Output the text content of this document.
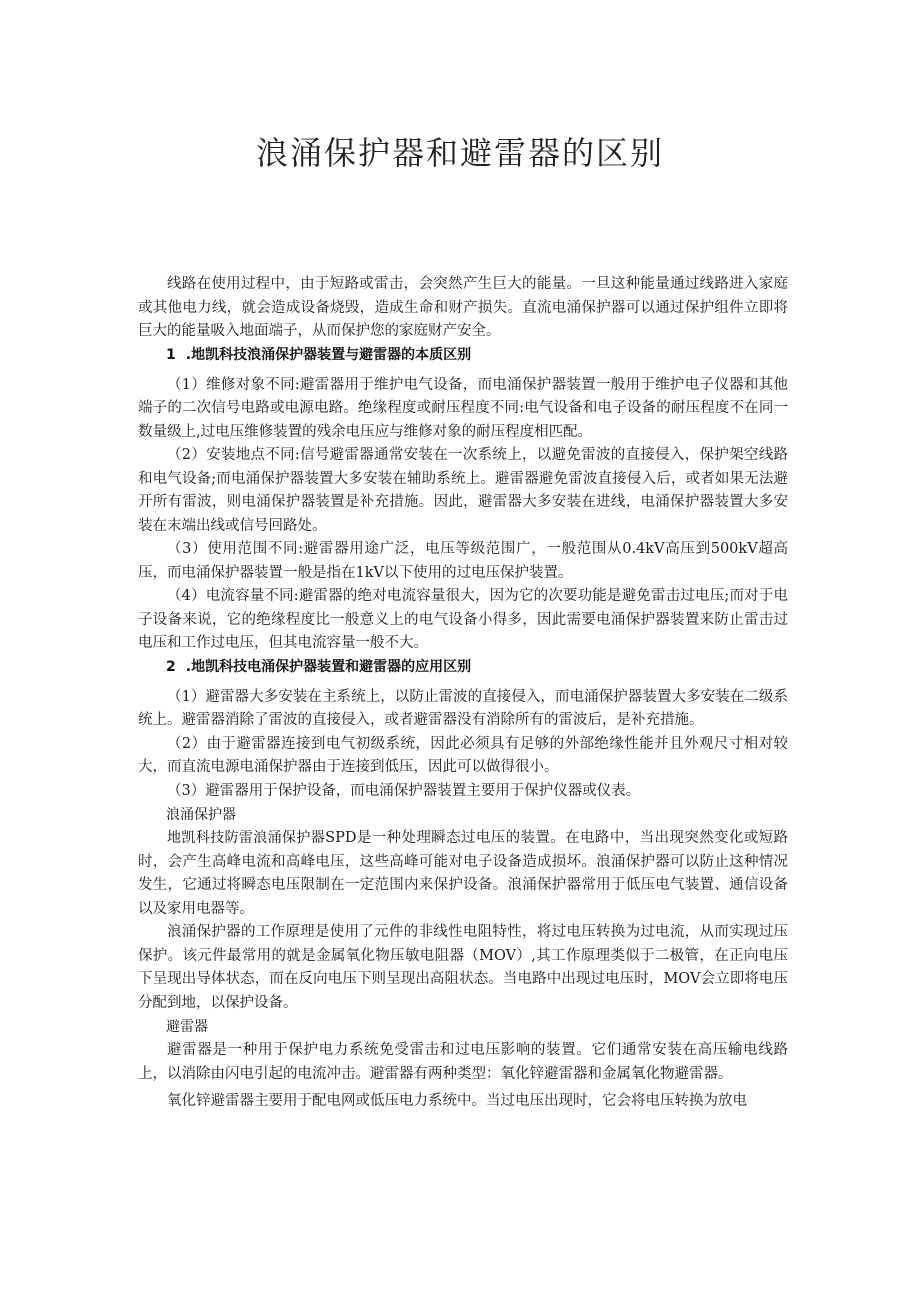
浪涌保护器和避雷器的区别

线路在使用过程中，由于短路或雷击，会突然产生巨大的能量。一旦这种能量通过线路进入家庭或其他电力线，就会造成设备烧毁，造成生命和财产损失。直流电涌保护器可以通过保护组件立即将巨大的能量吸入地面端子，从而保护您的家庭财产安全。

1 .地凯科技浪涌保护器装置与避雷器的本质区别

（1）维修对象不同:避雷器用于维护电气设备，而电涌保护器装置一般用于维护电子仪器和其他端子的二次信号电路或电源电路。绝缘程度或耐压程度不同:电气设备和电子设备的耐压程度不在同一数量级上,过电压维修装置的残余电压应与维修对象的耐压程度相匹配。

（2）安装地点不同:信号避雷器通常安装在一次系统上，以避免雷波的直接侵入，保护架空线路和电气设备;而电涌保护器装置大多安装在辅助系统上。避雷器避免雷波直接侵入后，或者如果无法避开所有雷波，则电涌保护器装置是补充措施。因此，避雷器大多安装在进线，电涌保护器装置大多安装在末端出线或信号回路处。

（3）使用范围不同:避雷器用途广泛，电压等级范围广，一般范围从0.4kV高压到500kV超高压，而电涌保护器装置一般是指在1kV以下使用的过电压保护装置。

（4）电流容量不同:避雷器的绝对电流容量很大，因为它的次要功能是避免雷击过电压;而对于电子设备来说，它的绝缘程度比一般意义上的电气设备小得多，因此需要电涌保护器装置来防止雷击过电压和工作过电压，但其电流容量一般不大。

2 .地凯科技电涌保护器装置和避雷器的应用区别

（1）避雷器大多安装在主系统上，以防止雷波的直接侵入，而电涌保护器装置大多安装在二级系统上。避雷器消除了雷波的直接侵入，或者避雷器没有消除所有的雷波后，是补充措施。

（2）由于避雷器连接到电气初级系统，因此必须具有足够的外部绝缘性能并且外观尺寸相对较大，而直流电源电涌保护器由于连接到低压，因此可以做得很小。

（3）避雷器用于保护设备，而电涌保护器装置主要用于保护仪器或仪表。

浪涌保护器

地凯科技防雷浪涌保护器SPD是一种处理瞬态过电压的装置。在电路中，当出现突然变化或短路时，会产生高峰电流和高峰电压，这些高峰可能对电子设备造成损坏。浪涌保护器可以防止这种情况发生，它通过将瞬态电压限制在一定范围内来保护设备。浪涌保护器常用于低压电气装置、通信设备以及家用电器等。

浪涌保护器的工作原理是使用了元件的非线性电阻特性，将过电压转换为过电流，从而实现过压保护。该元件最常用的就是金属氧化物压敏电阻器（MOV）,其工作原理类似于二极管，在正向电压下呈现出导体状态，而在反向电压下则呈现出高阻状态。当电路中出现过电压时，MOV会立即将电压分配到地，以保护设备。

避雷器

避雷器是一种用于保护电力系统免受雷击和过电压影响的装置。它们通常安装在高压输电线路上，以消除由闪电引起的电流冲击。避雷器有两种类型：氧化锌避雷器和金属氧化物避雷器。

氧化锌避雷器主要用于配电网或低压电力系统中。当过电压出现时，它会将电压转换为放电
